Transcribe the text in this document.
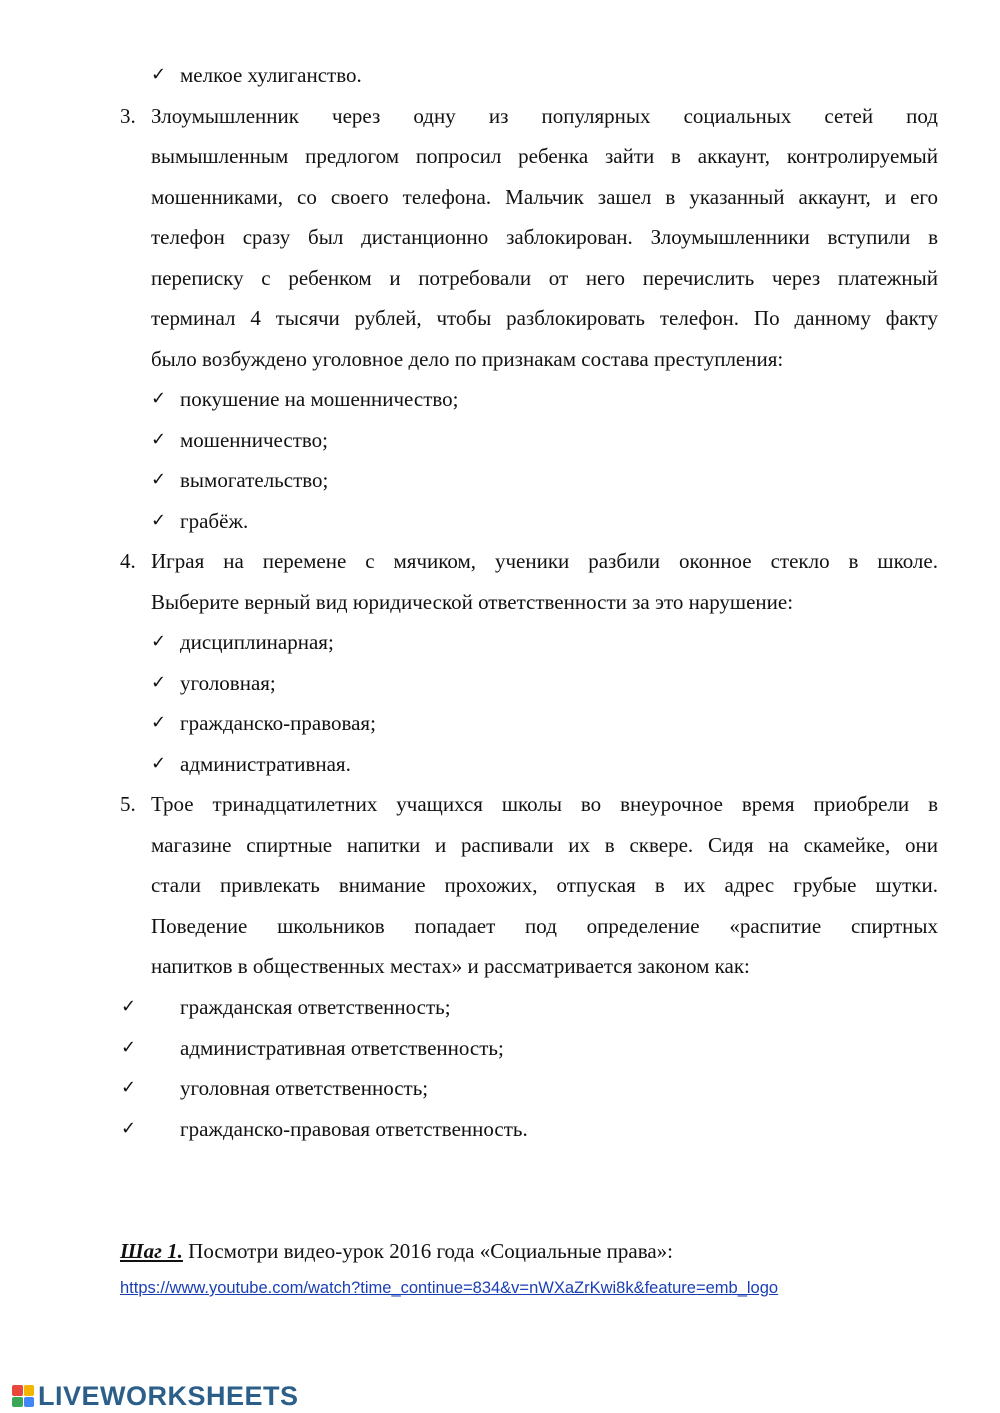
✓ мелкое хулиганство.
3. Злоумышленник через одну из популярных социальных сетей под
вымышленным предлогом попросил ребенка зайти в аккаунт, контролируемый
мошенниками, со своего телефона. Мальчик зашел в указанный аккаунт, и его
телефон сразу был дистанционно заблокирован. Злоумышленники вступили в
переписку с ребенком и потребовали от него перечислить через платежный
терминал 4 тысячи рублей, чтобы разблокировать телефон. По данному факту
было возбуждено уголовное дело по признакам состава преступления:
✓ покушение на мошенничество;
✓ мошенничество;
✓ вымогательство;
✓ грабёж.
4. Играя на перемене с мячиком, ученики разбили оконное стекло в школе.
Выберите верный вид юридической ответственности за это нарушение:
✓ дисциплинарная;
✓ уголовная;
✓ гражданско-правовая;
✓ административная.
5. Трое тринадцатилетних учащихся школы во внеурочное время приобрели в
магазине спиртные напитки и распивали их в сквере. Сидя на скамейке, они
стали привлекать внимание прохожих, отпуская в их адрес грубые шутки.
Поведение школьников попадает под определение «распитие спиртных
напитков в общественных местах» и рассматривается законом как:
✓ гражданская ответственность;
✓ административная ответственность;
✓ уголовная ответственность;
✓ гражданско-правовая ответственность.
Шаг 1. Посмотри видео-урок 2016 года «Социальные права»:
https://www.youtube.com/watch?time_continue=834&v=nWXaZrKwi8k&feature=emb_logo
LIVEWORKSHEETS
